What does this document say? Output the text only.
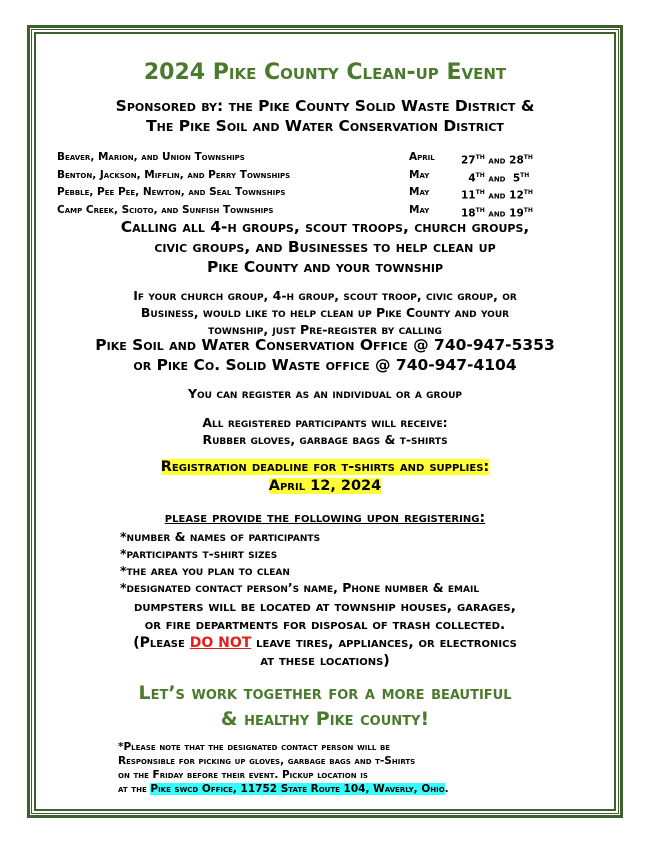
2024 Pike County Clean-up Event
Sponsored by: the Pike County Solid Waste District &
The Pike Soil and Water Conservation District
Beaver, Marion, and Union Townships	April	27th and 28th
Benton, Jackson, Mifflin, and Perry Townships	May	4th and  5th
Pebble, Pee Pee, Newton, and Seal Townships	May	11th and 12th
Camp Creek, Scioto, and Sunfish Townships	May	18th and 19th
Calling all 4-h groups, scout troops, church groups,
civic groups, and Businesses to help clean up
Pike County and your township
If your church group, 4-h group, scout troop, civic group, or
Business, would like to help clean up Pike County and your
township, just Pre-register by calling
Pike Soil and Water Conservation Office @ 740-947-5353
or Pike Co. Solid Waste office @ 740-947-4104
You can register as an individual or a group
All registered participants will receive:
Rubber gloves, garbage bags & t-shirts
Registration deadline for t-shirts and supplies:
April 12, 2024
please provide the following upon registering:
*number & names of participants
*participants t-shirt sizes
*the area you plan to clean
*designated contact person’s name, Phone number & email
dumpsters will be located at township houses, garages,
or fire departments for disposal of trash collected.
(Please DO NOT leave tires, appliances, or electronics
at these locations)
Let’s work together for a more beautiful
& healthy Pike county!
*Please note that the designated contact person will be
Responsible for picking up gloves, garbage bags and t-Shirts
on the Friday before their event. Pickup location is
at the Pike swcd Office, 11752 State Route 104, Waverly, Ohio.
